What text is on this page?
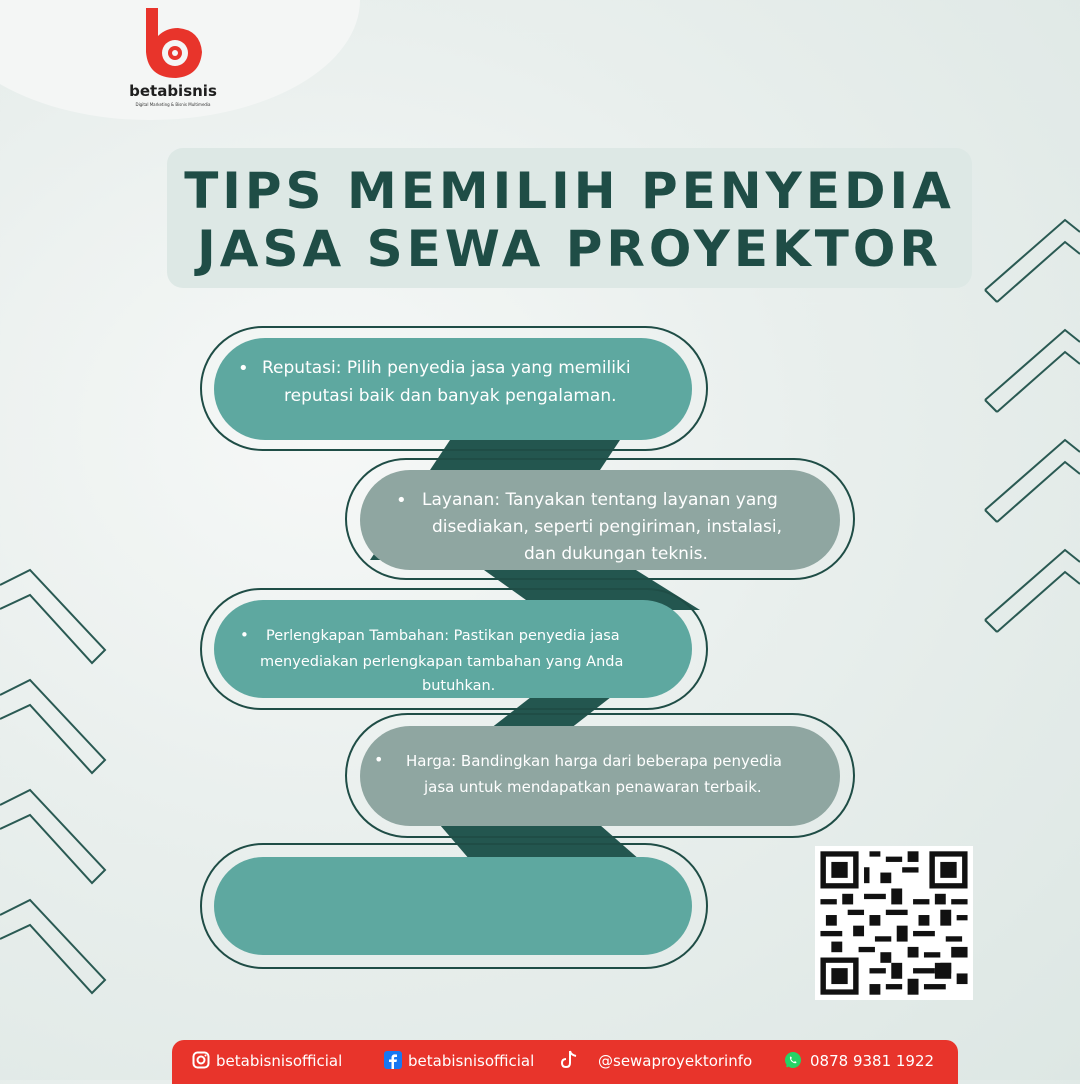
betabisnis
Digital Marketing & Bisnis Multimedia
TIPS MEMILIH PENYEDIA
JASA SEWA PROYEKTOR
• Reputasi: Pilih penyedia jasa yang memiliki
reputasi baik dan banyak pengalaman.
• Layanan: Tanyakan tentang layanan yang
disediakan, seperti pengiriman, instalasi,
dan dukungan teknis.
• Perlengkapan Tambahan: Pastikan penyedia jasa
menyediakan perlengkapan tambahan yang Anda
butuhkan.
• Harga: Bandingkan harga dari beberapa penyedia
jasa untuk mendapatkan penawaran terbaik.
betabisnisofficial	betabisnisofficial	@sewaproyektorinfo	0878 9381 1922
